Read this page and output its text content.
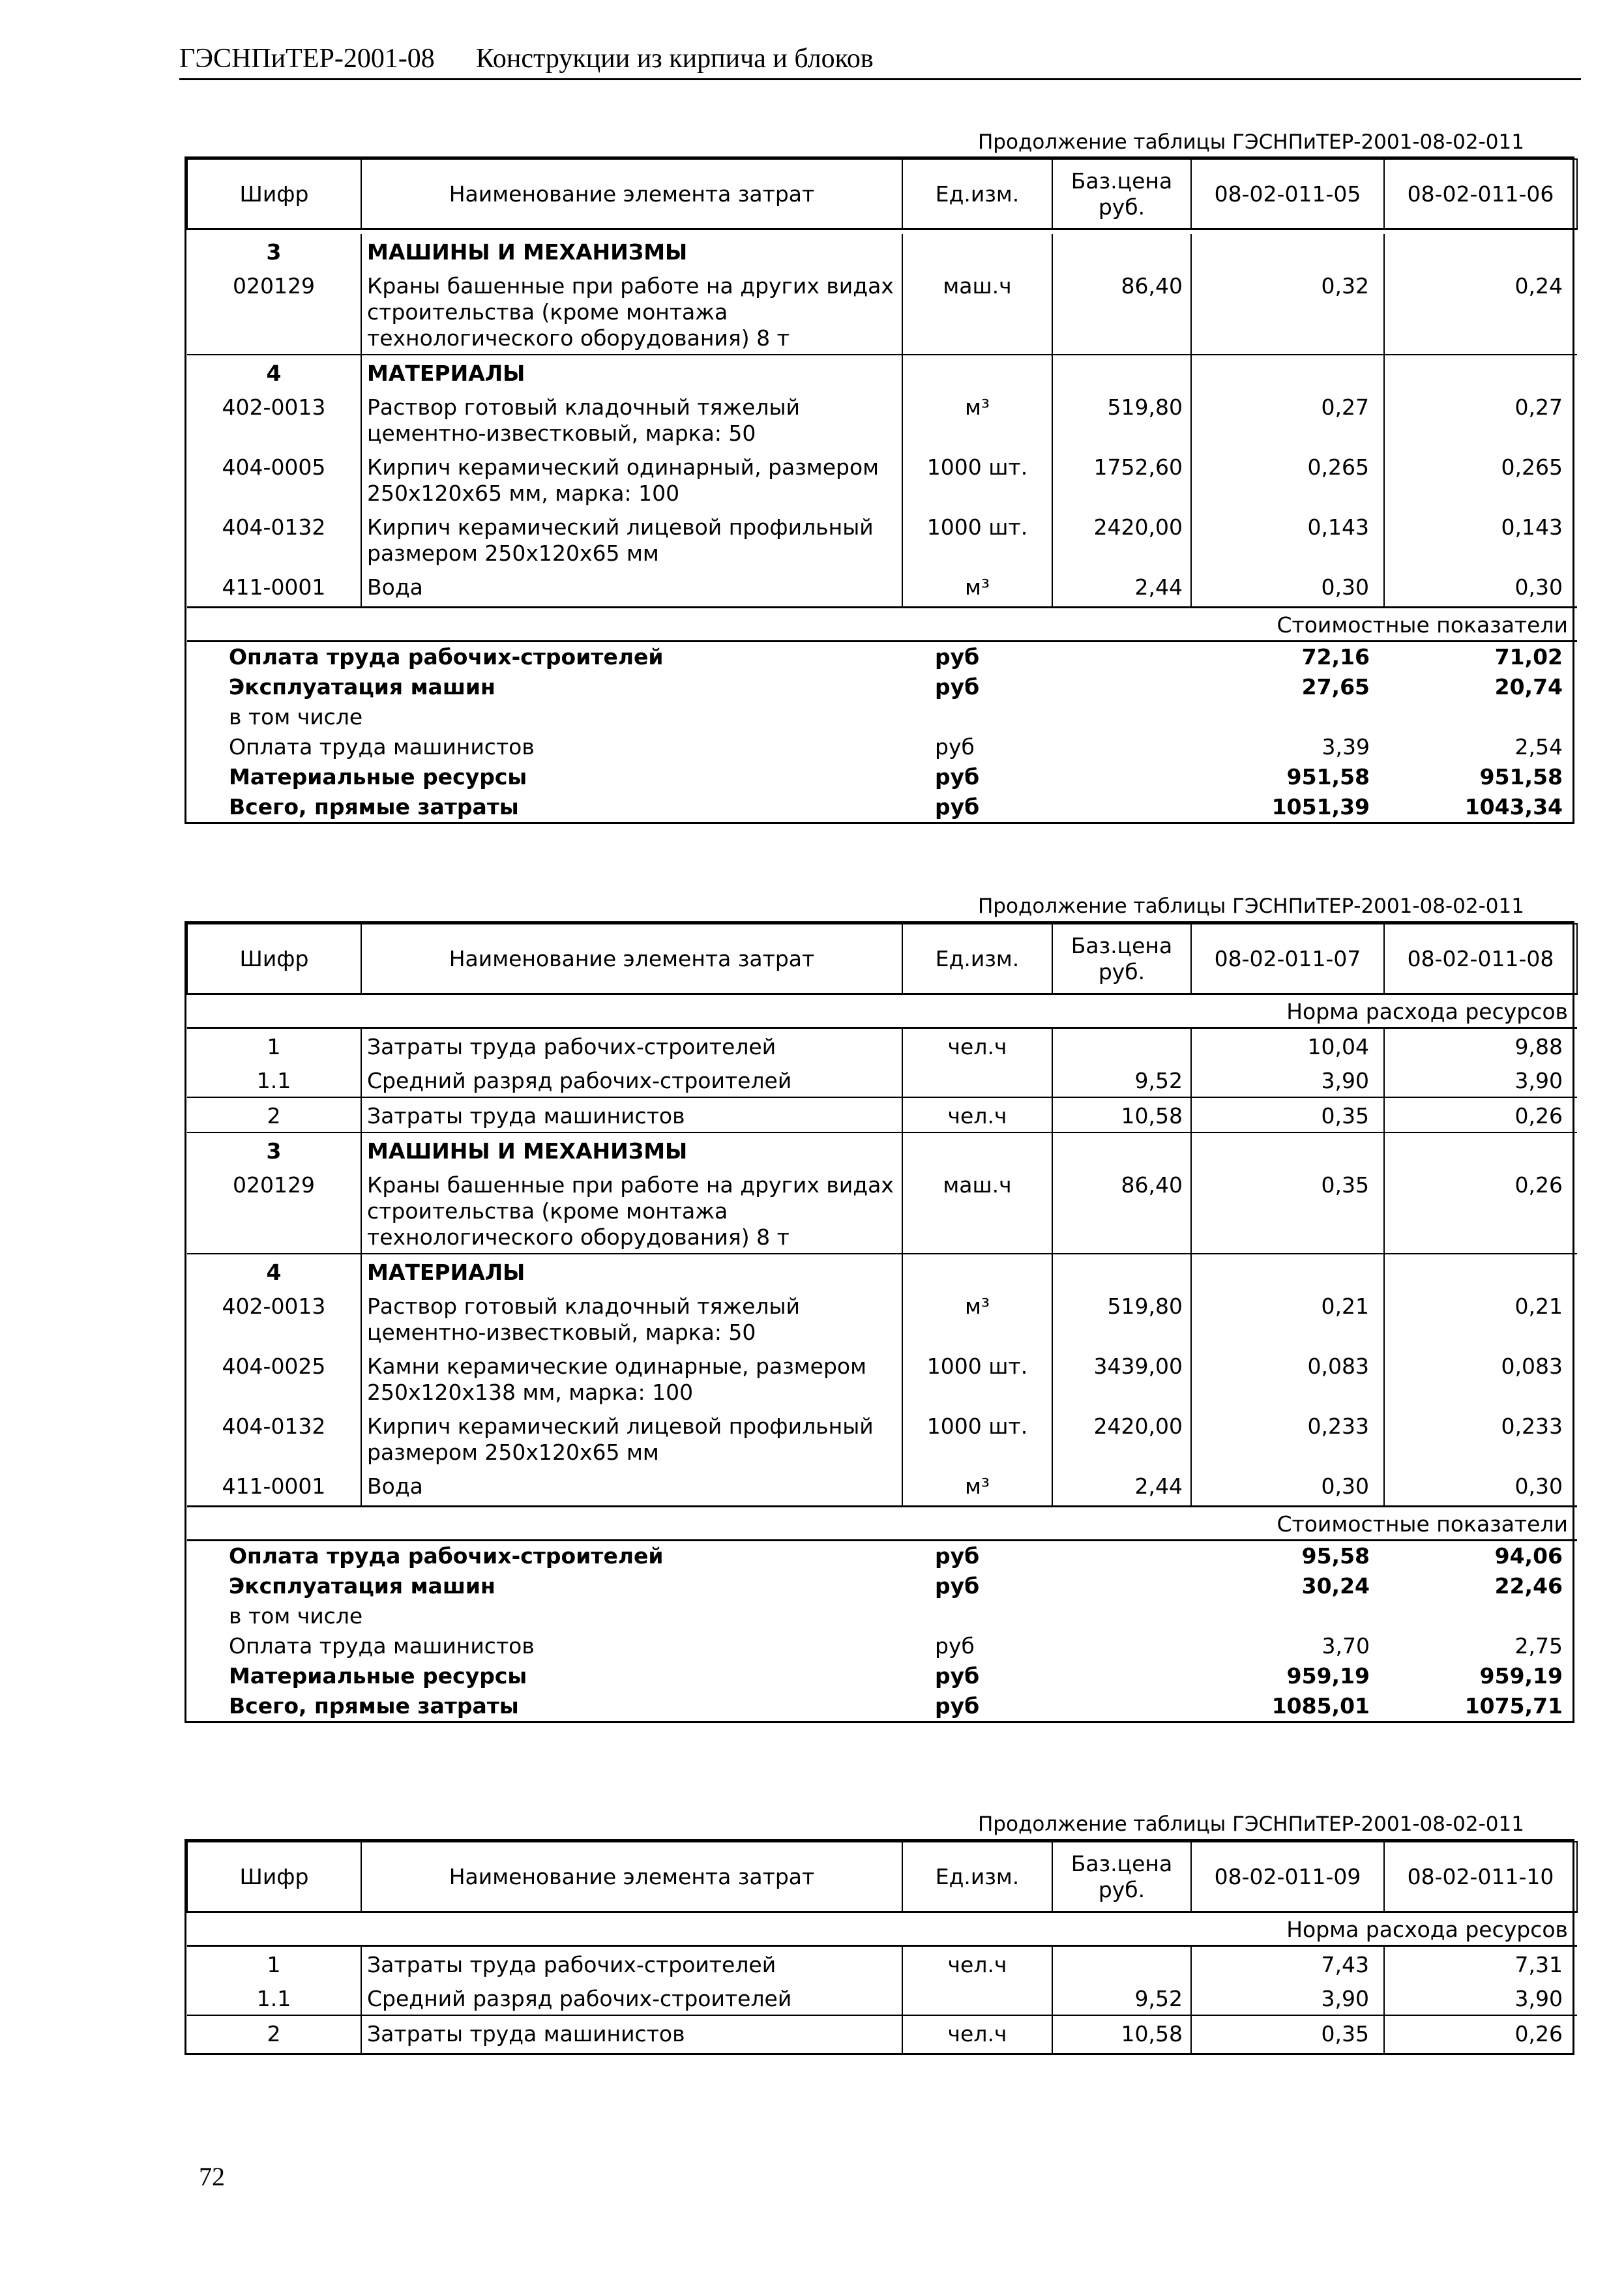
ГЭСНПиТЕР-2001-08 Конструкции из кирпича и блоков
Продолжение таблицы ГЭСНПиТЕР-2001-08-02-011
Шифр	Наименование элемента затрат	Ед.изм.	Баз.цена руб.	08-02-011-05	08-02-011-06

3	МАШИНЫ И МЕХАНИЗМЫ				
020129	Краны башенные при работе на других видах строительства (кроме монтажа технологического оборудования) 8 т	маш.ч	86,40	0,32	0,24
4	МАТЕРИАЛЫ				
402-0013	Раствор готовый кладочный тяжелый цементно-известковый, марка: 50	м³	519,80	0,27	0,27
404-0005	Кирпич керамический одинарный, размером 250х120х65 мм, марка: 100	1000 шт.	1752,60	0,265	0,265
404-0132	Кирпич керамический лицевой профильный размером 250х120х65 мм	1000 шт.	2420,00	0,143	0,143
411-0001	Вода	м³	2,44	0,30	0,30
Стоимостные показатели					
Оплата труда рабочих-строителей		руб		72,16	71,02
Эксплуатация машин		руб		27,65	20,74
в том числе					
Оплата труда машинистов		руб		3,39	2,54
Материальные ресурсы		руб		951,58	951,58
Всего, прямые затраты		руб		1051,39	1043,34
Продолжение таблицы ГЭСНПиТЕР-2001-08-02-011
Шифр	Наименование элемента затрат	Ед.изм.	Баз.цена руб.	08-02-011-07	08-02-011-08
Норма расхода ресурсов					
1	Затраты труда рабочих-строителей	чел.ч		10,04	9,88
1.1	Средний разряд рабочих-строителей		9,52	3,90	3,90
2	Затраты труда машинистов	чел.ч	10,58	0,35	0,26
3	МАШИНЫ И МЕХАНИЗМЫ				
020129	Краны башенные при работе на других видах строительства (кроме монтажа технологического оборудования) 8 т	маш.ч	86,40	0,35	0,26
4	МАТЕРИАЛЫ				
402-0013	Раствор готовый кладочный тяжелый цементно-известковый, марка: 50	м³	519,80	0,21	0,21
404-0025	Камни керамические одинарные, размером 250х120х138 мм, марка: 100	1000 шт.	3439,00	0,083	0,083
404-0132	Кирпич керамический лицевой профильный размером 250х120х65 мм	1000 шт.	2420,00	0,233	0,233
411-0001	Вода	м³	2,44	0,30	0,30
Стоимостные показатели					
Оплата труда рабочих-строителей		руб		95,58	94,06
Эксплуатация машин		руб		30,24	22,46
в том числе					
Оплата труда машинистов		руб		3,70	2,75
Материальные ресурсы		руб		959,19	959,19
Всего, прямые затраты		руб		1085,01	1075,71
Продолжение таблицы ГЭСНПиТЕР-2001-08-02-011
Шифр	Наименование элемента затрат	Ед.изм.	Баз.цена руб.	08-02-011-09	08-02-011-10
Норма расхода ресурсов					
1	Затраты труда рабочих-строителей	чел.ч		7,43	7,31
1.1	Средний разряд рабочих-строителей		9,52	3,90	3,90
2	Затраты труда машинистов	чел.ч	10,58	0,35	0,26
72
